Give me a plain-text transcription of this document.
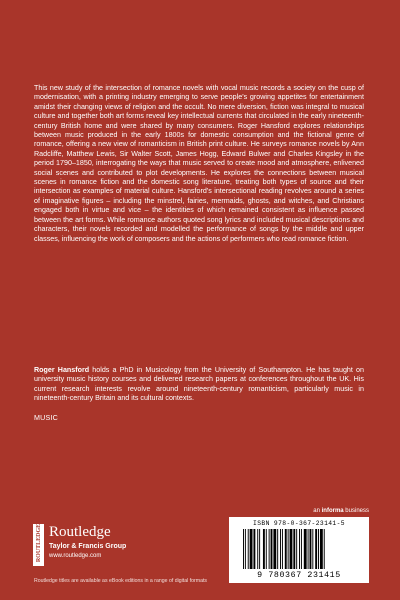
This new study of the intersection of romance novels with vocal music records a society on the cusp of modernisation, with a printing industry emerging to serve people’s growing appetites for entertainment amidst their changing views of religion and the occult. No mere diversion, fiction was integral to musical culture and together both art forms reveal key intellectual currents that circulated in the early nineteenth-century British home and were shared by many consumers. Roger Hansford explores relationships between music produced in the early 1800s for domestic consumption and the fictional genre of romance, offering a new view of romanticism in British print culture. He surveys romance novels by Ann Radcliffe, Matthew Lewis, Sir Walter Scott, James Hogg, Edward Bulwer and Charles Kingsley in the period 1790–1850, interrogating the ways that music served to create mood and atmosphere, enlivened social scenes and contributed to plot developments. He explores the connections between musical scenes in romance fiction and the domestic song literature, treating both types of source and their intersection as examples of material culture. Hansford’s intersectional reading revolves around a series of imaginative figures – including the minstrel, fairies, mermaids, ghosts, and witches, and Christians engaged both in virtue and vice – the identities of which remained consistent as influence passed between the art forms. While romance authors quoted song lyrics and included musical descriptions and characters, their novels recorded and modelled the performance of songs by the middle and upper classes, influencing the work of composers and the actions of performers who read romance fiction.

Roger Hansford holds a PhD in Musicology from the University of Southampton. He has taught on university music history courses and delivered research papers at conferences throughout the UK. His current research interests revolve around nineteenth-century romanticism, particularly music in nineteenth-century Britain and its cultural contexts.

MUSIC
ROUTLEDGE Routledge
Taylor & Francis Group
www.routledge.com
an informa business
ISBN 978-0-367-23141-5
9 780367 231415
Routledge titles are available as eBook editions in a range of digital formats
